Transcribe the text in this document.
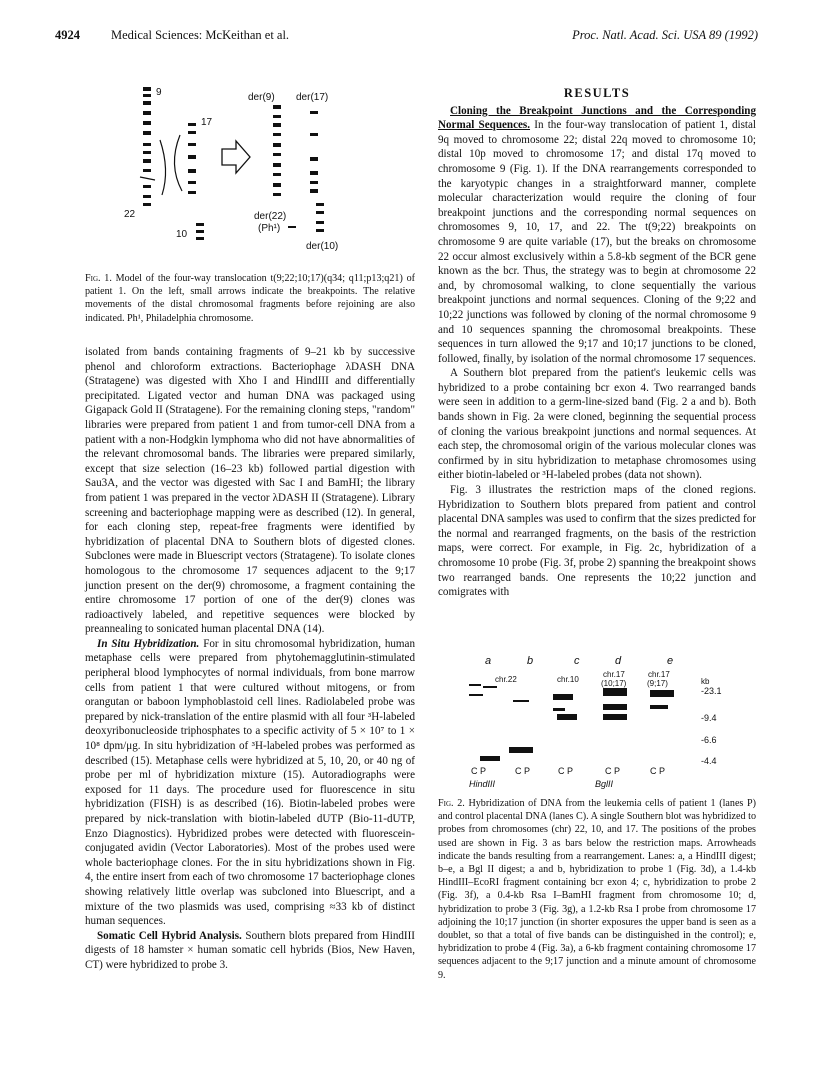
4924 Medical Sciences: McKeithan et al.	Proc. Natl. Acad. Sci. USA 89 (1992)
9
17
22
10
der(9) der(17)
der(22)
(Ph¹)
der(10)
Fig. 1. Model of the four-way translocation t(9;22;10;17)(q34; q11;p13;q21) of patient 1. On the left, small arrows indicate the breakpoints. The relative movements of the distal chromosomal fragments before rejoining are also indicated. Ph¹, Philadelphia chromosome.

isolated from bands containing fragments of 9–21 kb by successive phenol and chloroform extractions. Bacteriophage λDASH DNA (Stratagene) was digested with Xho I and HindIII and differentially precipitated. Ligated vector and human DNA was packaged using Gigapack Gold II (Stratagene). For the remaining cloning steps, "random" libraries were prepared from patient 1 and from tumor-cell DNA from a patient with a non-Hodgkin lymphoma who did not have abnormalities of the relevant chromosomal bands. The libraries were prepared similarly, except that size selection (16–23 kb) followed partial digestion with Sau3A, and the vector was digested with Sac I and BamHI; the library from patient 1 was prepared in the vector λDASH II (Stratagene). Library screening and bacteriophage mapping were as described (12). In general, for each cloning step, repeat-free fragments were identified by hybridization of placental DNA to Southern blots of digested clones. Subclones were made in Bluescript vectors (Stratagene). To isolate clones homologous to the chromosome 17 sequences adjacent to the 9;17 junction present on the der(9) chromosome, a fragment containing the entire chromosome 17 portion of one of the der(9) clones was radioactively labeled, and repetitive sequences were blocked by preannealing to sonicated human placental DNA (14).

In Situ Hybridization. For in situ chromosomal hybridization, human metaphase cells were prepared from phytohemagglutinin-stimulated peripheral blood lymphocytes of normal individuals, from bone marrow cells from patient 1 that were cultured without mitogens, or from orangutan or baboon lymphoblastoid cell lines. Radiolabeled probe was prepared by nick-translation of the entire plasmid with all four ³H-labeled deoxyribonucleoside triphosphates to a specific activity of 5 × 10⁷ to 1 × 10⁸ dpm/μg. In situ hybridization of ³H-labeled probes was performed as described (15). Metaphase cells were hybridized at 5, 10, 20, or 40 ng of probe per ml of hybridization mixture (15). Autoradiographs were exposed for 11 days. The procedure used for fluorescence in situ hybridization (FISH) is as described (16). Biotin-labeled probes were prepared by nick-translation with biotin-labeled dUTP (Bio-11-dUTP, Enzo Diagnostics). Hybridized probes were detected with fluorescein-conjugated avidin (Vector Laboratories). Most of the probes used were whole bacteriophage clones. For the in situ hybridizations shown in Fig. 4, the entire insert from each of two chromosome 17 bacteriophage clones showing relatively little overlap was subcloned into Bluescript, and a mixture of the two plasmids was used, comprising ≈33 kb of distinct human sequences.

Somatic Cell Hybrid Analysis. Southern blots prepared from HindIII digests of 18 hamster × human somatic cell hybrids (Bios, New Haven, CT) were hybridized to probe 3.

RESULTS

Cloning the Breakpoint Junctions and the Corresponding Normal Sequences. In the four-way translocation of patient 1, distal 9q moved to chromosome 22; distal 22q moved to chromosome 10; distal 10p moved to chromosome 17; and distal 17q moved to chromosome 9 (Fig. 1). If the DNA rearrangements corresponded to the karyotypic changes in a straightforward manner, complete molecular characterization would require the cloning of four breakpoint junctions and the corresponding normal sequences on chromosomes 9, 10, 17, and 22. The t(9;22) breakpoints on chromosome 9 are quite variable (17), but the breaks on chromosome 22 occur almost exclusively within a 5.8-kb segment of the BCR gene known as the bcr. Thus, the strategy was to begin at chromosome 22 and, by chromosomal walking, to clone sequentially the various breakpoint junctions and normal sequences. Cloning of the 9;22 and 10;22 junctions was followed by cloning of the normal chromosome 9 and 10 sequences spanning the chromosomal breakpoints. These sequences in turn allowed the 9;17 and 10;17 junctions to be cloned, followed, finally, by isolation of the normal chromosome 17 sequences.

A Southern blot prepared from the patient's leukemic cells was hybridized to a probe containing bcr exon 4. Two rearranged bands were seen in addition to a germ-line-sized band (Fig. 2 a and b). Both bands shown in Fig. 2a were cloned, beginning the sequential process of cloning the various breakpoint junctions and normal sequences. At each step, the chromosomal origin of the various molecular clones was confirmed by in situ hybridization to metaphase chromosomes using either biotin-labeled or ³H-labeled probes (data not shown).

Fig. 3 illustrates the restriction maps of the cloned regions. Hybridization to Southern blots prepared from patient and control placental DNA samples was used to confirm that the sizes predicted for the normal and rearranged fragments, on the basis of the restriction maps, were correct. For example, in Fig. 2c, hybridization of a chromosome 10 probe (Fig. 3f, probe 2) spanning the breakpoint shows two rearranged bands. One represents the 10;22 junction and comigrates with

a	b	c	d	e
chr.22	chr.10
chr.17
(10;17)
chr.17
(9;17)	kb
-23.1
-9.4
-6.6
-4.4
C P	C P	C P	C P	C P
HindIII	BglII
Fig. 2. Hybridization of DNA from the leukemia cells of patient 1 (lanes P) and control placental DNA (lanes C). A single Southern blot was hybridized to probes from chromosomes (chr) 22, 10, and 17. The positions of the probes used are shown in Fig. 3 as bars below the restriction maps. Arrowheads indicate the bands resulting from a rearrangement. Lanes: a, a HindIII digest; b–e, a Bgl II digest; a and b, hybridization to probe 1 (Fig. 3d), a 1.4-kb HindIII–EcoRI fragment containing bcr exon 4; c, hybridization to probe 2 (Fig. 3f), a 0.4-kb Rsa I–BamHI fragment from chromosome 10; d, hybridization to probe 3 (Fig. 3g), a 1.2-kb Rsa I probe from chromosome 17 adjoining the 10;17 junction (in shorter exposures the upper band is seen as a doublet, so that a total of five bands can be distinguished in the control); e, hybridization to probe 4 (Fig. 3a), a 6-kb fragment containing chromosome 17 sequences adjacent to the 9;17 junction and a minute amount of chromosome 9.
